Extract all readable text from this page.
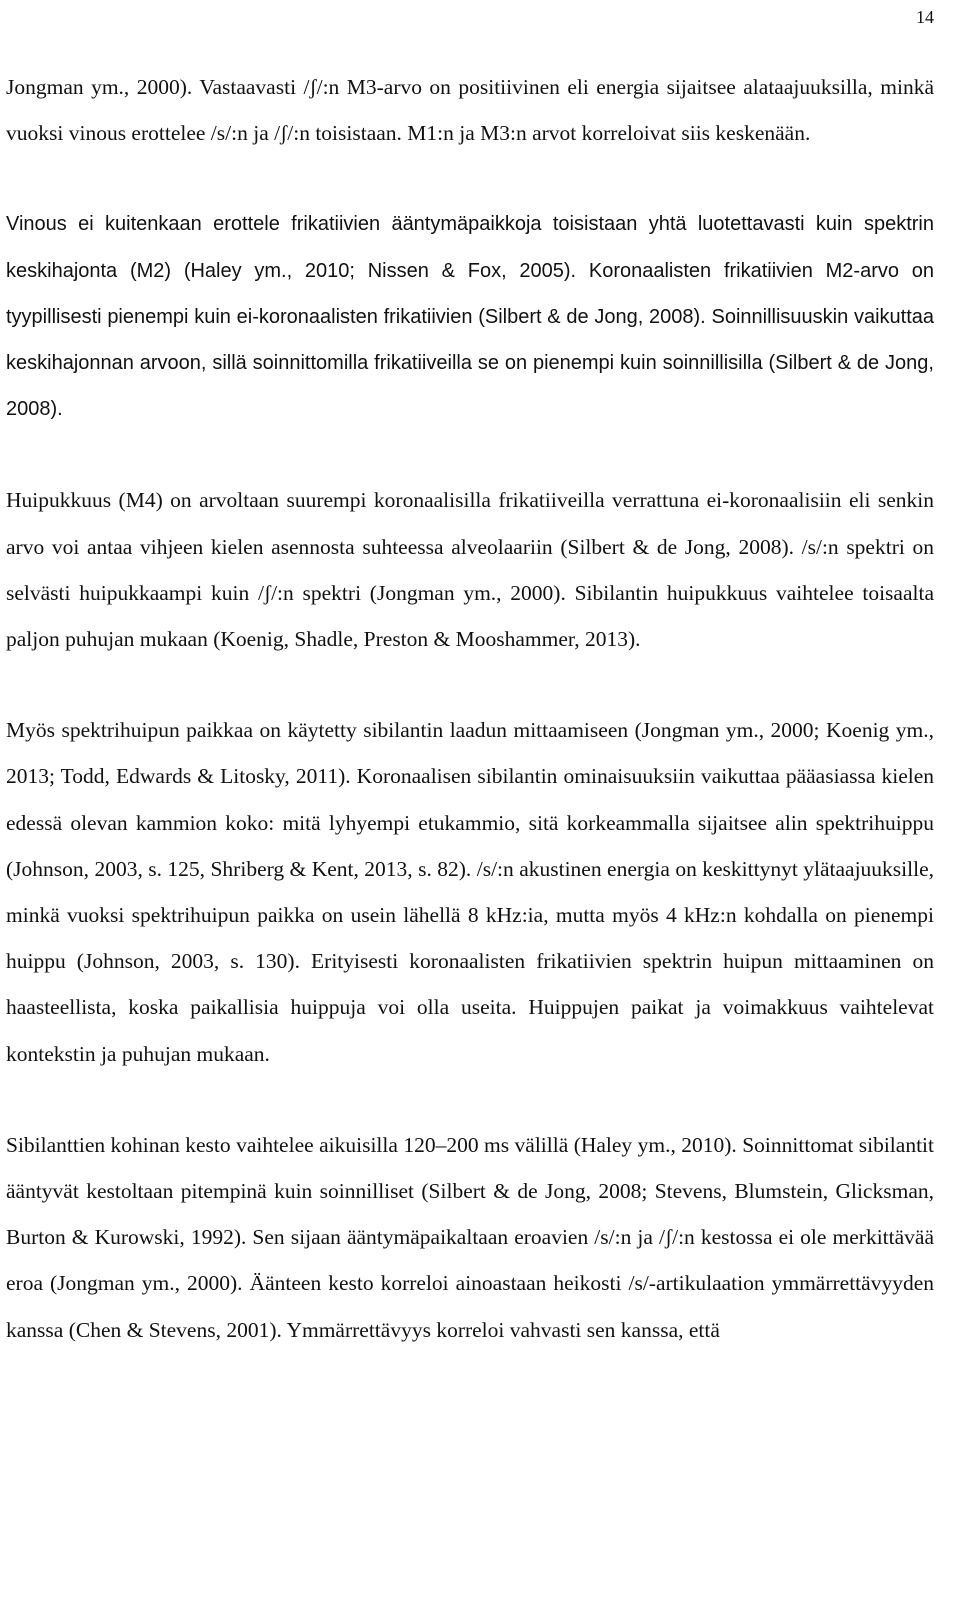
14

Jongman ym., 2000). Vastaavasti /ʃ/:n M3-arvo on positiivinen eli energia sijaitsee alataajuuksilla, minkä vuoksi vinous erottelee /s/:n ja /ʃ/:n toisistaan. M1:n ja M3:n arvot korreloivat siis keskenään.

Vinous ei kuitenkaan erottele frikatiivien ääntymäpaikkoja toisistaan yhtä luotettavasti kuin spektrin keskihajonta (M2) (Haley ym., 2010; Nissen & Fox, 2005). Koronaalisten frikatiivien M2-arvo on tyypillisesti pienempi kuin ei-koronaalisten frikatiivien (Silbert & de Jong, 2008). Soinnillisuuskin vaikuttaa keskihajonnan arvoon, sillä soinnittomilla frikatiiveilla se on pienempi kuin soinnillisilla (Silbert & de Jong, 2008).

Huipukkuus (M4) on arvoltaan suurempi koronaalisilla frikatiiveilla verrattuna ei-koronaalisiin eli senkin arvo voi antaa vihjeen kielen asennosta suhteessa alveolaariin (Silbert & de Jong, 2008). /s/:n spektri on selvästi huipukkaampi kuin /ʃ/:n spektri (Jongman ym., 2000). Sibilantin huipukkuus vaihtelee toisaalta paljon puhujan mukaan (Koenig, Shadle, Preston & Mooshammer, 2013).

Myös spektrihuipun paikkaa on käytetty sibilantin laadun mittaamiseen (Jongman ym., 2000; Koenig ym., 2013; Todd, Edwards & Litosky, 2011). Koronaalisen sibilantin ominaisuuksiin vaikuttaa pääasiassa kielen edessä olevan kammion koko: mitä lyhyempi etukammio, sitä korkeammalla sijaitsee alin spektrihuippu (Johnson, 2003, s. 125, Shriberg & Kent, 2013, s. 82). /s/:n akustinen energia on keskittynyt ylätaajuuksille, minkä vuoksi spektrihuipun paikka on usein lähellä 8 kHz:ia, mutta myös 4 kHz:n kohdalla on pienempi huippu (Johnson, 2003, s. 130). Erityisesti koronaalisten frikatiivien spektrin huipun mittaaminen on haasteellista, koska paikallisia huippuja voi olla useita. Huippujen paikat ja voimakkuus vaihtelevat kontekstin ja puhujan mukaan.

Sibilanttien kohinan kesto vaihtelee aikuisilla 120–200 ms välillä (Haley ym., 2010). Soinnittomat sibilantit ääntyvät kestoltaan pitempinä kuin soinnilliset (Silbert & de Jong, 2008; Stevens, Blumstein, Glicksman, Burton & Kurowski, 1992). Sen sijaan ääntymäpaikaltaan eroavien /s/:n ja /ʃ/:n kestossa ei ole merkittävää eroa (Jongman ym., 2000). Äänteen kesto korreloi ainoastaan heikosti /s/-artikulaation ymmärrettävyyden kanssa (Chen & Stevens, 2001). Ymmärrettävyys korreloi vahvasti sen kanssa, että
